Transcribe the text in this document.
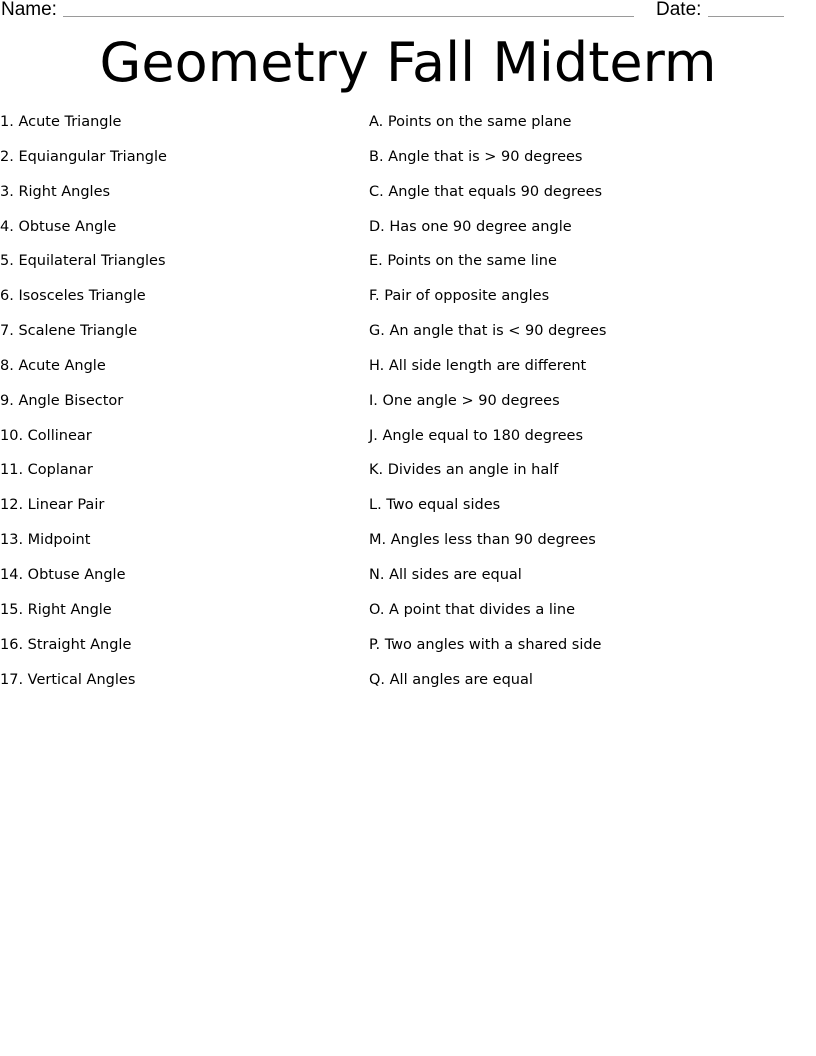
Name:	Date:
Geometry Fall Midterm
1. Acute Triangle
2. Equiangular Triangle
3. Right Angles
4. Obtuse Angle
5. Equilateral Triangles
6. Isosceles Triangle
7. Scalene Triangle
8. Acute Angle
9. Angle Bisector
10. Collinear
11. Coplanar
12. Linear Pair
13. Midpoint
14. Obtuse Angle
15. Right Angle
16. Straight Angle
17. Vertical Angles
A. Points on the same plane
B. Angle that is > 90 degrees
C. Angle that equals 90 degrees
D. Has one 90 degree angle
E. Points on the same line
F. Pair of opposite angles
G. An angle that is < 90 degrees
H. All side length are different
I. One angle > 90 degrees
J. Angle equal to 180 degrees
K. Divides an angle in half
L. Two equal sides
M. Angles less than 90 degrees
N. All sides are equal
O. A point that divides a line
P. Two angles with a shared side
Q. All angles are equal
